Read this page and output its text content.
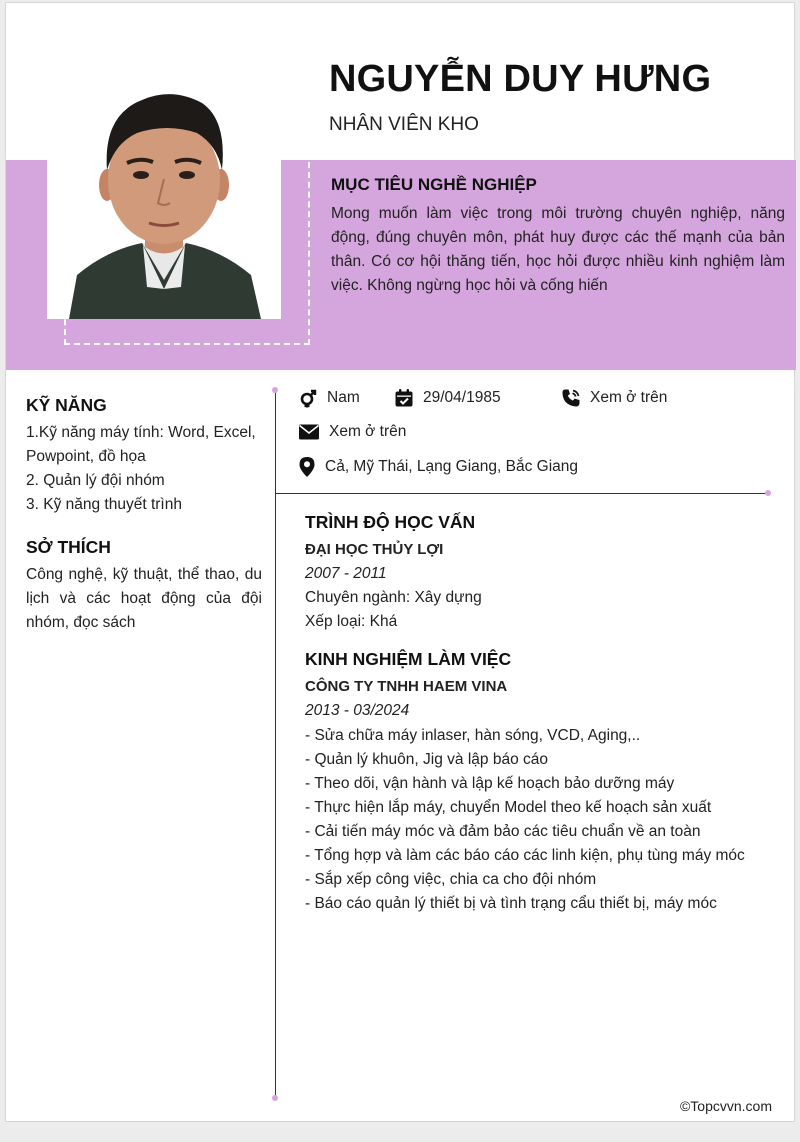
NGUYỄN DUY HƯNG
NHÂN VIÊN KHO
MỤC TIÊU NGHỀ NGHIỆP

Mong muốn làm việc trong môi trường chuyên nghiệp, năng động, đúng chuyên môn, phát huy được các thế mạnh của bản thân. Có cơ hội thăng tiến, học hỏi được nhiều kinh nghiệm làm việc. Không ngừng học hỏi và cống hiến

Nam	29/04/1985	Xem ở trên
Xem ở trên
Cả, Mỹ Thái, Lạng Giang, Bắc Giang
KỸ NĂNG

1.Kỹ năng máy tính: Word, Excel, Powpoint, đồ họa

2. Quản lý đội nhóm

3. Kỹ năng thuyết trình

SỞ THÍCH

Công nghệ, kỹ thuật, thể thao, du lịch và các hoạt động của đội nhóm, đọc sách

TRÌNH ĐỘ HỌC VẤN

ĐẠI HỌC THỦY LỢI

2007 - 2011

Chuyên ngành: Xây dựng

Xếp loại: Khá

KINH NGHIỆM LÀM VIỆC

CÔNG TY TNHH HAEM VINA

2013 - 03/2024

- Sửa chữa máy inlaser, hàn sóng, VCD, Aging,..
- Quản lý khuôn, Jig và lập báo cáo
- Theo dõi, vận hành và lập kế hoạch bảo dưỡng máy
- Thực hiện lắp máy, chuyển Model theo kế hoạch sản xuất
- Cải tiến máy móc và đảm bảo các tiêu chuẩn về an toàn
- Tổng hợp và làm các báo cáo các linh kiện, phụ tùng máy móc
- Sắp xếp công việc, chia ca cho đội nhóm
- Báo cáo quản lý thiết bị và tình trạng cẩu thiết bị, máy móc
©Topcvvn.com
